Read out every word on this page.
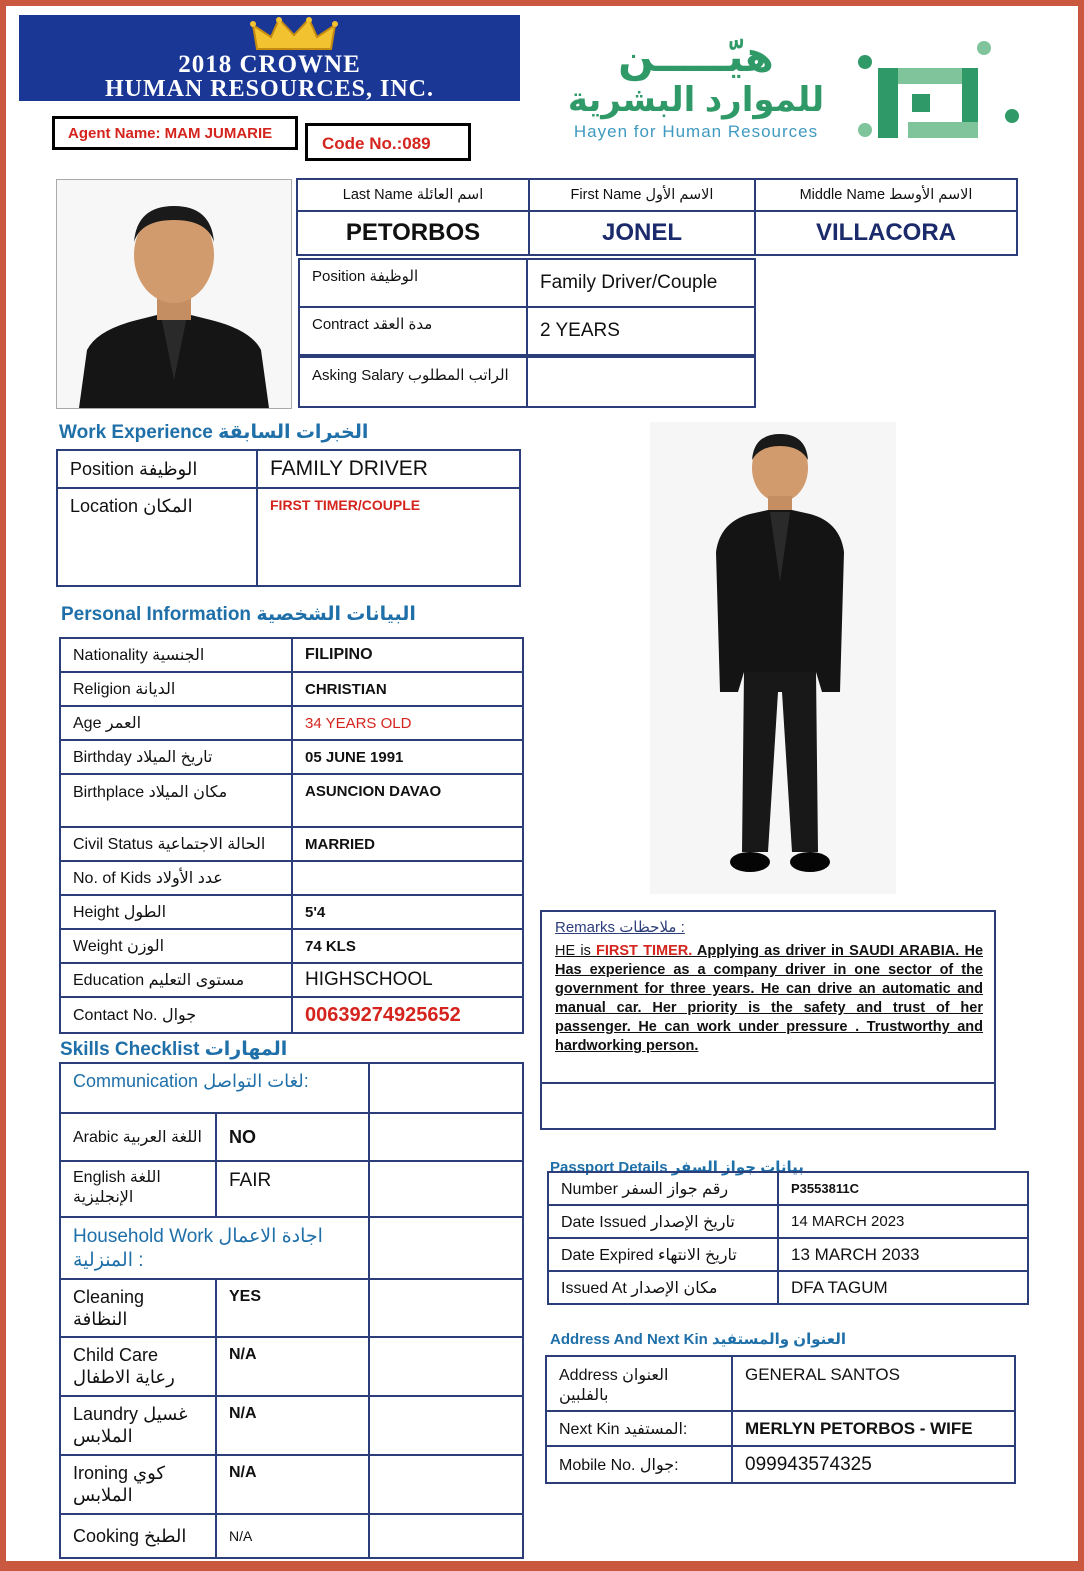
2018 CROWNE
HUMAN RESOURCES, INC.
هيّـــــن
للموارد البشرية
Hayen for Human Resources
Agent Name: MAM JUMARIE
Code No.:089
Last Name اسم العائلة	First Name الاسم الأول	Middle Name الاسم الأوسط
PETORBOS	JONEL	VILLACORA
Position الوظيفة	Family Driver/Couple
Contract مدة العقد	2 YEARS
Asking Salary الراتب المطلوب	
Work Experience الخبرات السابقة
Position الوظيفة	FAMILY DRIVER
Location المكان	FIRST TIMER/COUPLE
Personal Information البيانات الشخصية
Nationality الجنسية	FILIPINO
Religion الديانة	CHRISTIAN
Age العمر	34 YEARS OLD
Birthday تاريخ الميلاد	05 JUNE 1991
Birthplace مكان الميلاد	ASUNCION DAVAO
Civil Status الحالة الاجتماعية	MARRIED
No. of Kids عدد الأولاد	
Height الطول	5'4
Weight الوزن	74 KLS
Education مستوى التعليم	HIGHSCHOOL
Contact No. جوال	00639274925652
Skills Checklist المهارات
Communication لغات التواصل:		
Arabic اللغة العربية	NO	

English اللغة
الإنجليزية	FAIR	

Household Work اجادة الاعمال
المنزلية :		

Cleaning
النظافة	YES	

Child Care
رعاية الاطفال	N/A	

Laundry غسيل
الملابس	N/A	

Ironing كوي
الملابس	N/A	
Cooking الطبخ	N/A	
Remarks ملاحظات :
HE is FIRST TIMER. Applying as driver in SAUDI ARABIA. He Has experience as a company driver in one sector of the government for three years. He can drive an automatic and manual car. Her priority is the safety and trust of her passenger. He can work under pressure . Trustworthy and hardworking person.
Passport Details بيانات جواز السفر
Number رقم جواز السفر	P3553811C
Date Issued تاريخ الإصدار	14 MARCH 2023
Date Expired تاريخ الانتهاء	13 MARCH 2033
Issued At مكان الإصدار	DFA TAGUM
Address And Next Kin العنوان والمستفيد
Address العنوان بالفلبين	GENERAL SANTOS
Next Kin المستفيد:	MERLYN PETORBOS - WIFE
Mobile No. جوال:	099943574325
